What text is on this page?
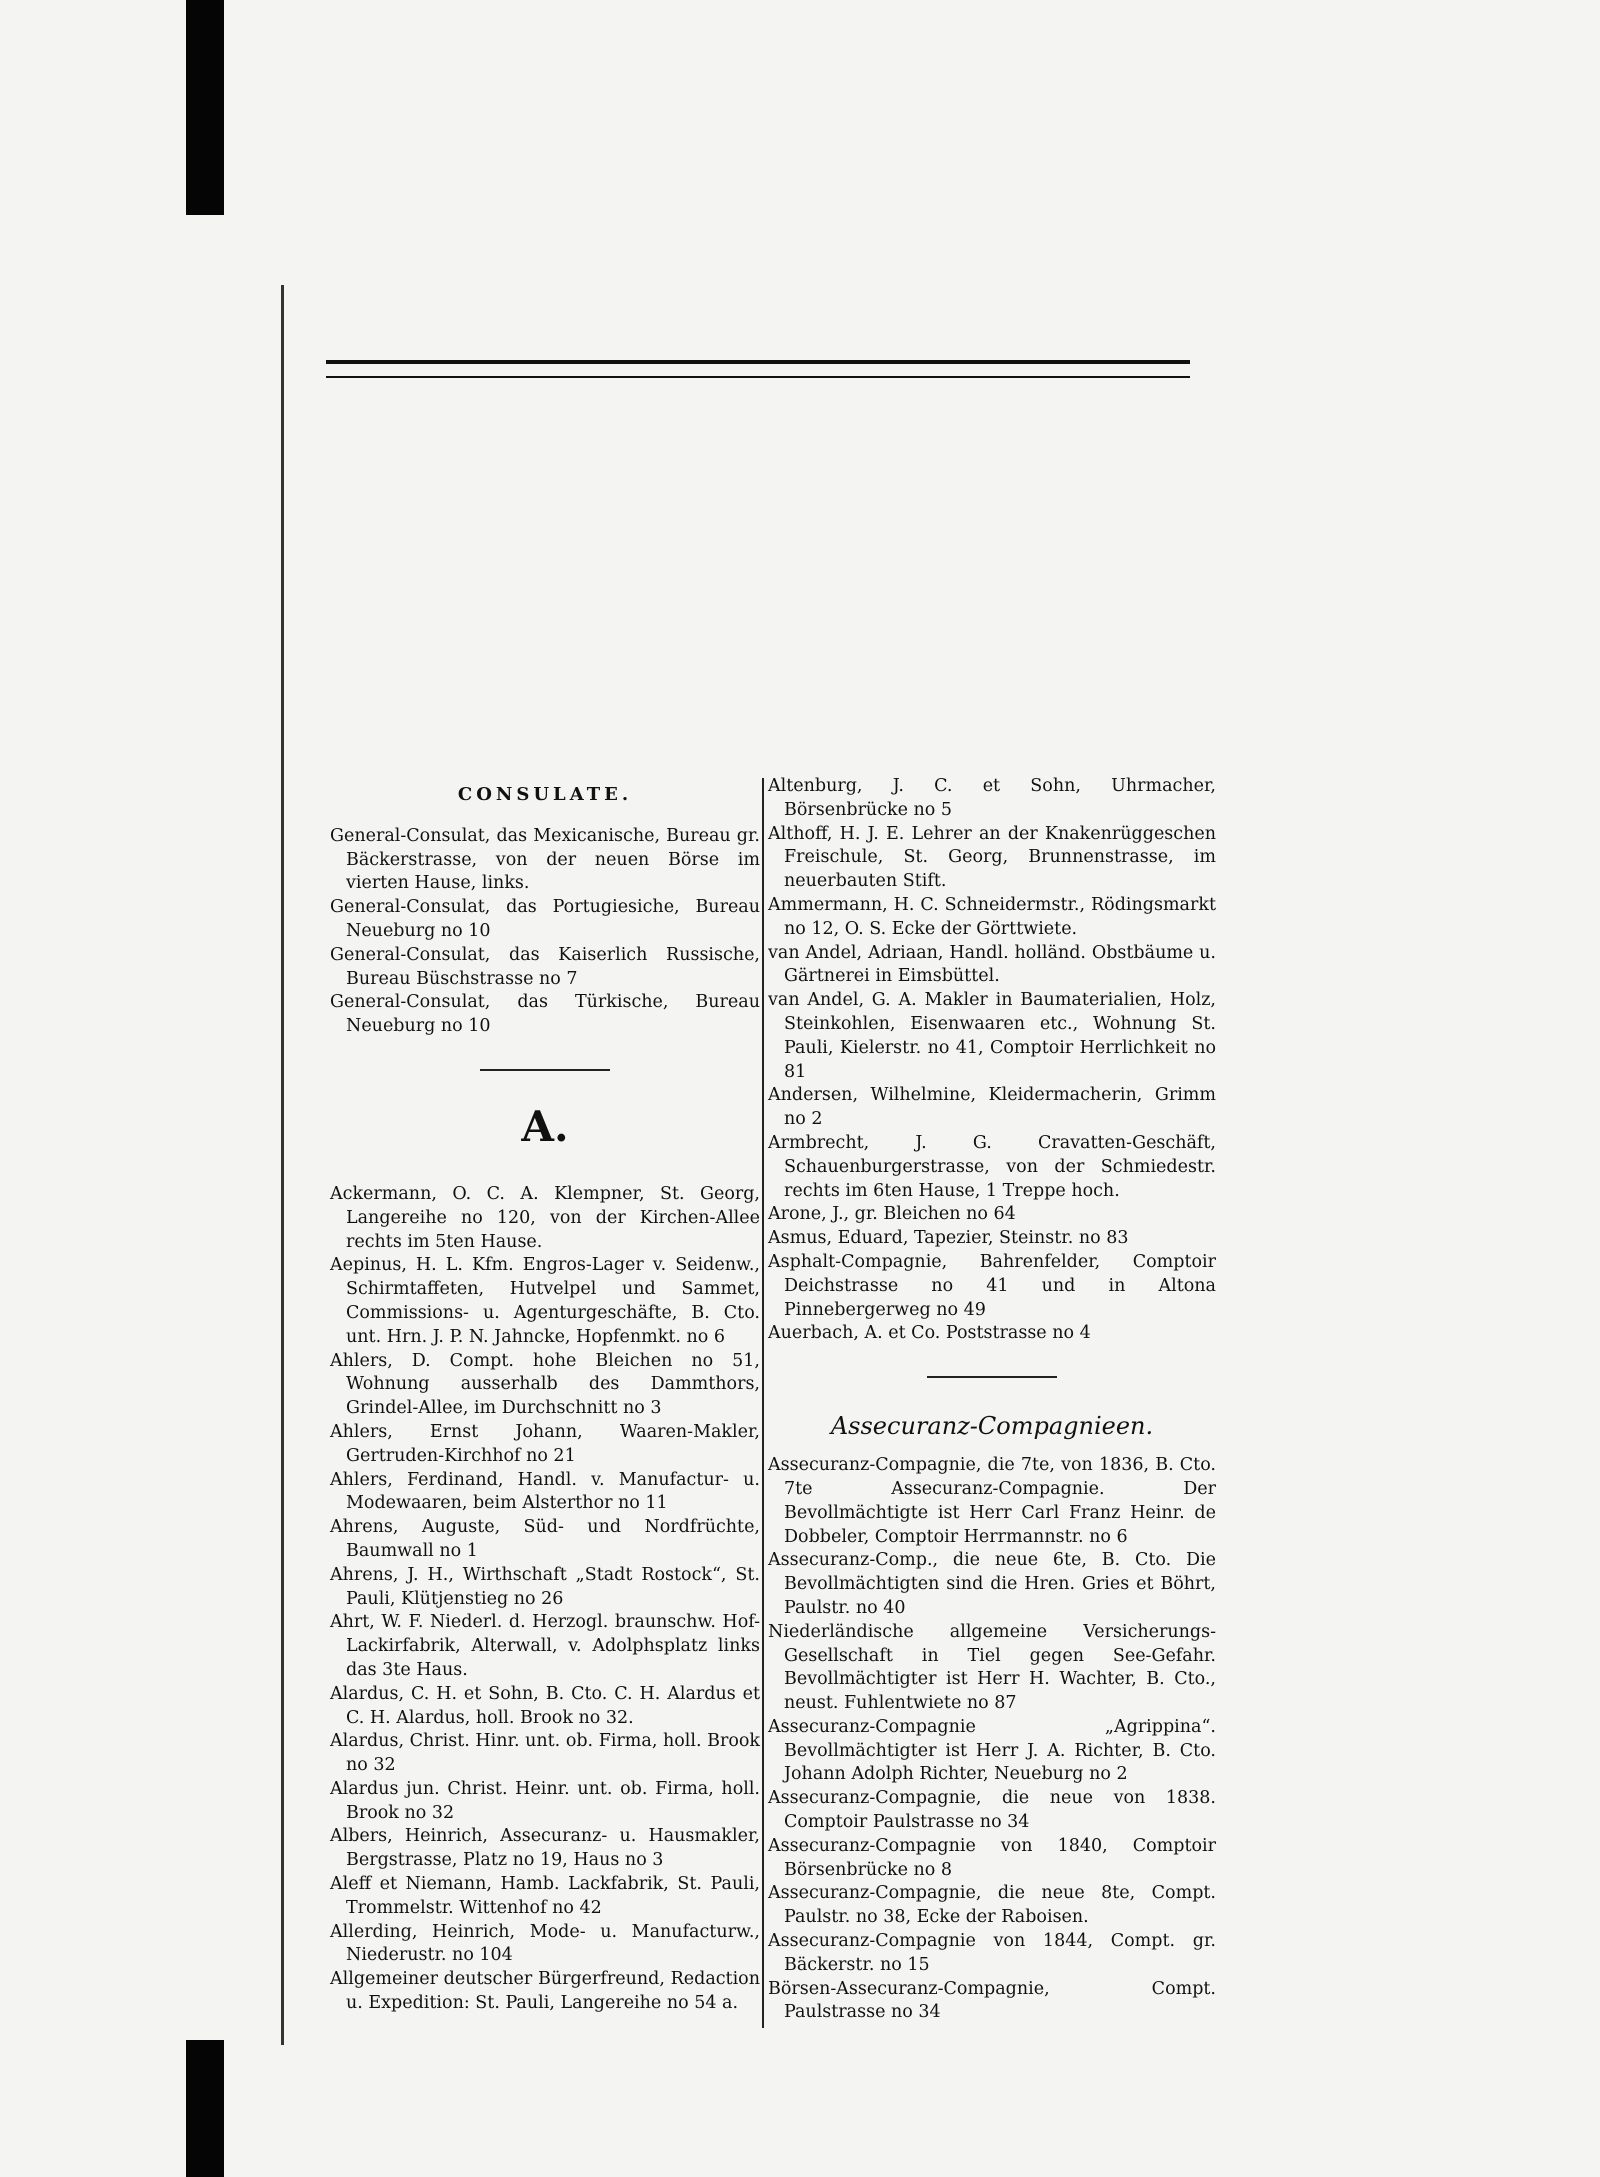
CONSULATE.

General-Consulat, das Mexicanische, Bureau gr. Bäckerstrasse, von der neuen Börse im vierten Hause, links.

General-Consulat, das Portugiesiche, Bureau Neueburg no 10

General-Consulat, das Kaiserlich Russische, Bureau Büschstrasse no 7

General-Consulat, das Türkische, Bureau Neueburg no 10

A.

Ackermann, O. C. A. Klempner, St. Georg, Langereihe no 120, von der Kirchen-Allee rechts im 5ten Hause.

Aepinus, H. L. Kfm. Engros-Lager v. Seidenw., Schirmtaffeten, Hutvelpel und Sammet, Commissions- u. Agenturgeschäfte, B. Cto. unt. Hrn. J. P. N. Jahncke, Hopfenmkt. no 6

Ahlers, D. Compt. hohe Bleichen no 51, Wohnung ausserhalb des Dammthors, Grindel-Allee, im Durchschnitt no 3

Ahlers, Ernst Johann, Waaren-Makler, Gertruden-Kirchhof no 21

Ahlers, Ferdinand, Handl. v. Manufactur- u. Modewaaren, beim Alsterthor no 11

Ahrens, Auguste, Süd- und Nordfrüchte, Baumwall no 1

Ahrens, J. H., Wirthschaft „Stadt Rostock“, St. Pauli, Klütjenstieg no 26

Ahrt, W. F. Niederl. d. Herzogl. braunschw. Hof-Lackirfabrik, Alterwall, v. Adolphsplatz links das 3te Haus.

Alardus, C. H. et Sohn, B. Cto. C. H. Alardus et C. H. Alardus, holl. Brook no 32.

Alardus, Christ. Hinr. unt. ob. Firma, holl. Brook no 32

Alardus jun. Christ. Heinr. unt. ob. Firma, holl. Brook no 32

Albers, Heinrich, Assecuranz- u. Hausmakler, Bergstrasse, Platz no 19, Haus no 3

Aleff et Niemann, Hamb. Lackfabrik, St. Pauli, Trommelstr. Wittenhof no 42

Allerding, Heinrich, Mode- u. Manufacturw., Niederustr. no 104

Allgemeiner deutscher Bürgerfreund, Redaction u. Expedition: St. Pauli, Langereihe no 54 a.

Altenburg, J. C. et Sohn, Uhrmacher, Börsenbrücke no 5

Althoff, H. J. E. Lehrer an der Knakenrüggeschen Freischule, St. Georg, Brunnenstrasse, im neuerbauten Stift.

Ammermann, H. C. Schneidermstr., Rödingsmarkt no 12, O. S. Ecke der Görttwiete.

van Andel, Adriaan, Handl. holländ. Obstbäume u. Gärtnerei in Eimsbüttel.

van Andel, G. A. Makler in Baumaterialien, Holz, Steinkohlen, Eisenwaaren etc., Wohnung St. Pauli, Kielerstr. no 41, Comptoir Herrlichkeit no 81

Andersen, Wilhelmine, Kleidermacherin, Grimm no 2

Armbrecht, J. G. Cravatten-Geschäft, Schauenburgerstrasse, von der Schmiedestr. rechts im 6ten Hause, 1 Treppe hoch.

Arone, J., gr. Bleichen no 64

Asmus, Eduard, Tapezier, Steinstr. no 83

Asphalt-Compagnie, Bahrenfelder, Comptoir Deichstrasse no 41 und in Altona Pinnebergerweg no 49

Auerbach, A. et Co. Poststrasse no 4

Assecuranz-Compagnieen.

Assecuranz-Compagnie, die 7te, von 1836, B. Cto. 7te Assecuranz-Compagnie. Der Bevollmächtigte ist Herr Carl Franz Heinr. de Dobbeler, Comptoir Herrmannstr. no 6

Assecuranz-Comp., die neue 6te, B. Cto. Die Bevollmächtigten sind die Hren. Gries et Böhrt, Paulstr. no 40

Niederländische allgemeine Versicherungs-Gesellschaft in Tiel gegen See-Gefahr. Bevollmächtigter ist Herr H. Wachter, B. Cto., neust. Fuhlentwiete no 87

Assecuranz-Compagnie „Agrippina“. Bevollmächtigter ist Herr J. A. Richter, B. Cto. Johann Adolph Richter, Neueburg no 2

Assecuranz-Compagnie, die neue von 1838. Comptoir Paulstrasse no 34

Assecuranz-Compagnie von 1840, Comptoir Börsenbrücke no 8

Assecuranz-Compagnie, die neue 8te, Compt. Paulstr. no 38, Ecke der Raboisen.

Assecuranz-Compagnie von 1844, Compt. gr. Bäckerstr. no 15

Börsen-Assecuranz-Compagnie, Compt. Paulstrasse no 34
